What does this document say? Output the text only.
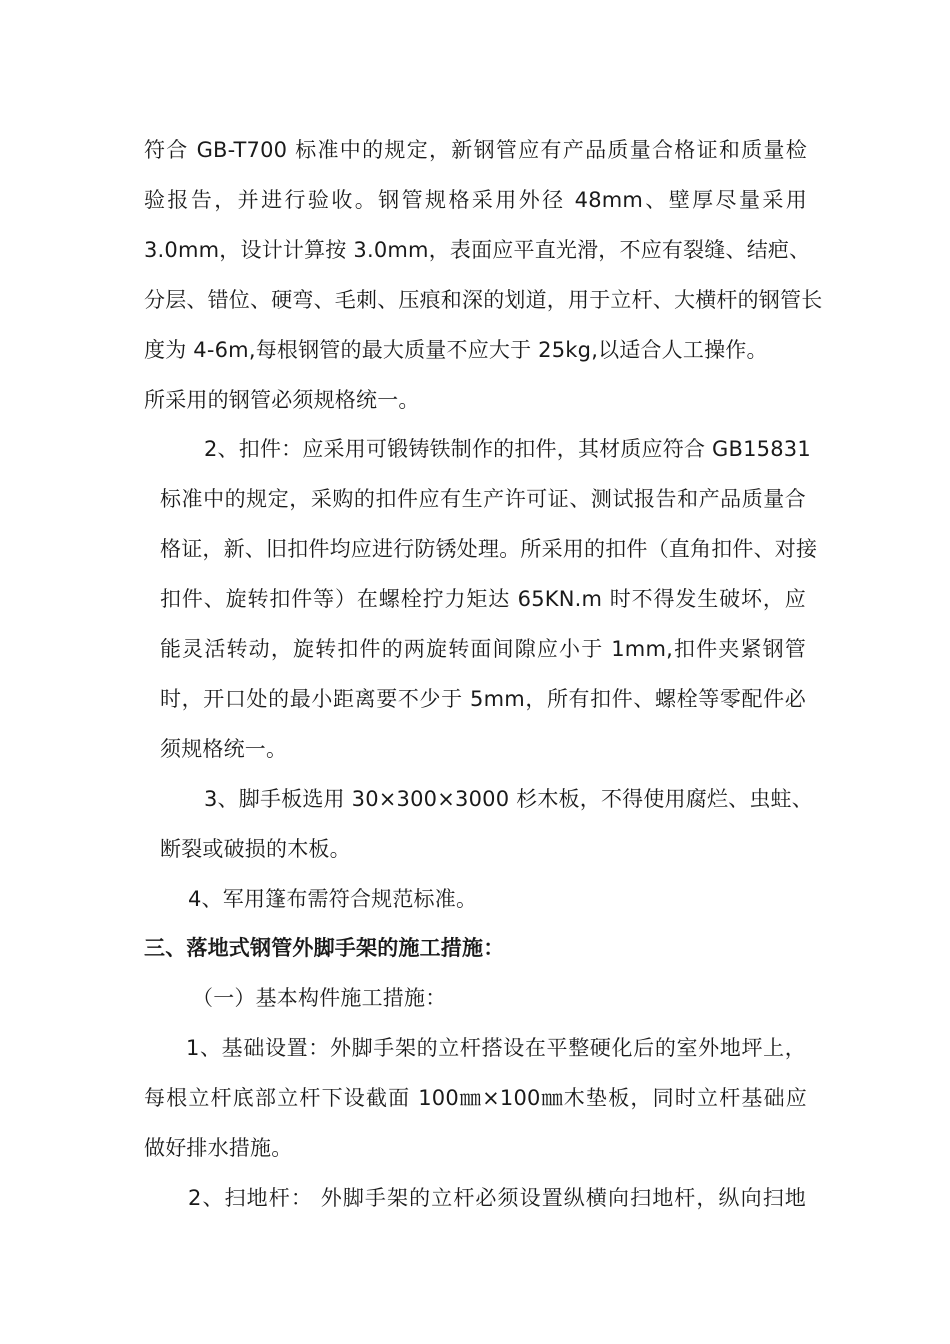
符合 GB-T700 标准中的规定，新钢管应有产品质量合格证和质量检
验报告，并进行验收。钢管规格采用外径 48mm、壁厚尽量采用
3.0mm，设计计算按 3.0mm，表面应平直光滑，不应有裂缝、结疤、
分层、错位、硬弯、毛刺、压痕和深的划道，用于立杆、大横杆的钢管长
度为 4-6m,每根钢管的最大质量不应大于 25kg,以适合人工操作。
所采用的钢管必须规格统一。
2、扣件：应采用可锻铸铁制作的扣件，其材质应符合 GB15831
标准中的规定，采购的扣件应有生产许可证、测试报告和产品质量合
格证，新、旧扣件均应进行防锈处理。所采用的扣件（直角扣件、对接
扣件、旋转扣件等）在螺栓拧力矩达 65KN.m 时不得发生破坏，应
能灵活转动，旋转扣件的两旋转面间隙应小于 1mm,扣件夹紧钢管
时，开口处的最小距离要不少于 5mm，所有扣件、螺栓等零配件必
须规格统一。
3、脚手板选用 30×300×3000 杉木板，不得使用腐烂、虫蛀、
断裂或破损的木板。
4、军用篷布需符合规范标准。
三、落地式钢管外脚手架的施工措施：
（一）基本构件施工措施：
1、基础设置：外脚手架的立杆搭设在平整硬化后的室外地坪上，
每根立杆底部立杆下设截面 100㎜×100㎜木垫板，同时立杆基础应
做好排水措施。
2、扫地杆： 外脚手架的立杆必须设置纵横向扫地杆，纵向扫地
